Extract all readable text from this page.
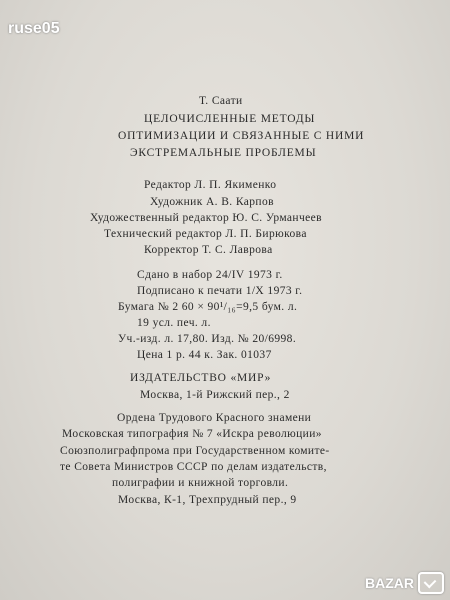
ruse05
Т. Саати
ЦЕЛОЧИСЛЕННЫЕ МЕТОДЫ
ОПТИМИЗАЦИИ И СВЯЗАННЫЕ С НИМИ
ЭКСТРЕМАЛЬНЫЕ ПРОБЛЕМЫ
Редактор Л. П. Якименко
Художник А. В. Карпов
Художественный редактор Ю. С. Урманчеев
Технический редактор Л. П. Бирюкова
Корректор Т. С. Лаврова
Сдано в набор 24/IV 1973 г.
Подписано к печати 1/X 1973 г.
Бумага № 2 60 × 90¹/₁₆=9,5 бум. л.
19 усл. печ. л.
Уч.-изд. л. 17,80. Изд. № 20/6998.
Цена 1 р. 44 к. Зак. 01037
ИЗДАТЕЛЬСТВО «МИР»
Москва, 1-й Рижский пер., 2
Ордена Трудового Красного знамени
Московская типография № 7 «Искра революции»
Союзполиграфпрома при Государственном комите-
те Совета Министров СССР по делам издательств,
полиграфии и книжной торговли.
Москва, К-1, Трехпрудный пер., 9
BAZAR
